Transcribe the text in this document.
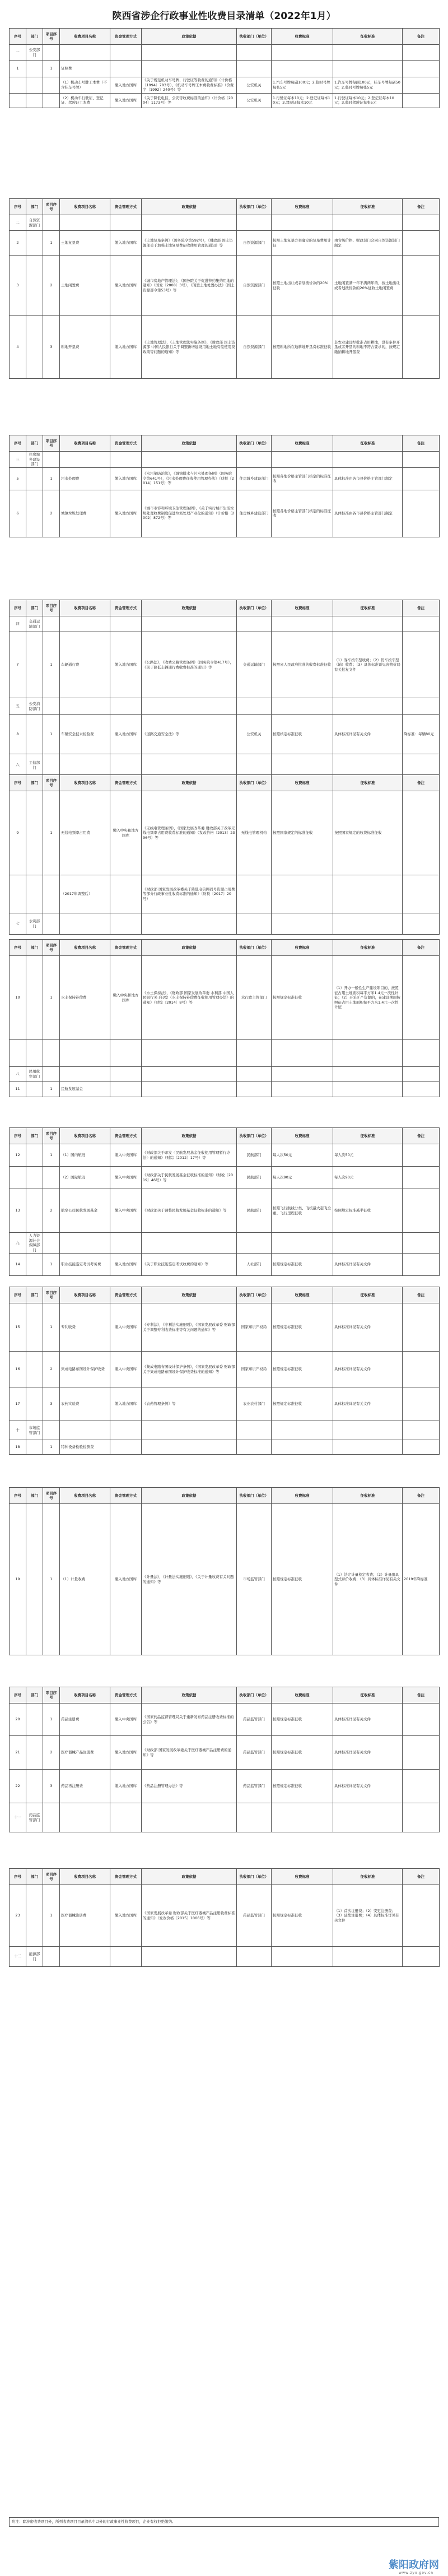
陕西省涉企行政事业性收费目录清单（2022年1月）
序号	部门	项目序号	收费项目名称	资金管理方式	政策依据	执收部门（单位）	收费标准	征收标准	备注
一	公安部门								
1		1	证照费						
			（1）机动车号牌工本费（不含挂车号牌）	缴入地方国库	《关于规范机动车号牌、行驶证等收费的通知》（计价格〔1994〕783号），《机动车号牌工本费收费标准》（价费字〔1992〕240号）等	公安机关	1.汽车号牌每副100元；2.临时号牌每张5元	1.汽车号牌每副100元，挂车号牌每副50元；2.临时号牌每张5元	
			（2）机动车行驶证、登记证、驾驶证工本费	缴入地方国库	《关于降低电信、公安等收费标准的通知》（计价格〔2004〕1173号）等	公安机关	1.行驶证每本10元；2.登记证每本10元；3.驾驶证每本10元	1.行驶证每本10元；2.登记证每本10元；3.临时驾驶证每张5元	
序号	部门	项目序号	收费项目名称	资金管理方式	政策依据	执收部门（单位）	收费标准	征收标准	备注
二	自然资源部门								
2		1	土地复垦费	缴入地方国库	《土地复垦条例》（国务院令第592号），《财政部 国土资源部关于加强土地复垦费征收使用管理的通知》等	自然资源部门	按照土地复垦方案确定的复垦费用计征	由省级价格、财政部门会同自然资源部门制定	
3		2	土地闲置费	缴入地方国库	《城市房地产管理法》，《国务院关于促进节约集约用地的通知》（国发〔2008〕3号），《闲置土地处置办法》（国土资源部令第53号）等	自然资源部门	按照土地出让或者划拨价款的20%征收	土地闲置满一年不满两年的，按土地出让或者划拨价款的20%征收土地闲置费	
4		3	耕地开垦费	缴入地方国库	《土地管理法》，《土地管理法实施条例》，《财政部 国土资源部 中国人民银行关于调整新增建设用地土地有偿使用费政策等问题的通知》等	自然资源部门	按照耕地所在地耕地开垦费标准征收	非农业建设经批准占用耕地，没有条件开垦或者开垦的耕地不符合要求的，按规定缴纳耕地开垦费	
序号	部门	项目序号	收费项目名称	资金管理方式	政策依据	执收部门（单位）	收费标准	征收标准	备注
三	住房城乡建设部门								
5		1	污水处理费	缴入地方国库	《水污染防治法》，《城镇排水与污水处理条例》（国务院令第641号），《污水处理费征收使用管理办法》（财税〔2014〕151号）等	住房城乡建设部门	按照各地价格主管部门核定的标准征收	具体标准由各市县价格主管部门制定	
6		2	城镇垃圾处理费	缴入地方国库	《城市市容和环境卫生管理条例》，《关于实行城市生活垃圾处理收费制度促进垃圾处理产业化的通知》（计价格〔2002〕872号）等	住房城乡建设部门	按照各地价格主管部门核定的标准征收	具体标准由各市县价格主管部门制定	
序号	部门	项目序号	收费项目名称	资金管理方式	政策依据	执收部门（单位）	收费标准	征收标准	备注
四	交通运输部门								
7		1	车辆通行费	缴入地方国库	《公路法》，《收费公路管理条例》（国务院令第417号），《关于降低车辆通行费收费标准的通知》等	交通运输部门	按照省人民政府批准的收费标准征收	（1）客车按车型收费；（2）货车按车型（轴）收费；（3）具体标准详见省物价局有关批复文件	
五	公安消防部门								
8		1	车辆安全技术检验费	缴入地方国库	《道路交通安全法》等	公安机关	按照核定标准征收	具体标准详见有关文件	降标准：每辆80元
六	工信部门								
序号	部门	项目序号	收费项目名称	资金管理方式	政策依据	执收部门（单位）	收费标准	征收标准	备注
9		1	无线电频率占用费	缴入中央和地方国库	《无线电管理条例》，《国家发展改革委 财政部关于改革无线电频率占用费收费标准的通知》（发改价格〔2013〕2396号）等	无线电管理机构	按照国家规定的标准征收	按照国家规定的收费标准征收	
			（2017年调整后）		《财政部 国家发展改革委关于降低电信网码号资源占用费等部分行政事业性收费标准的通知》（财税〔2017〕20号）				
七	水利部门								
序号	部门	项目序号	收费项目名称	资金管理方式	政策依据	执收部门（单位）	收费标准	征收标准	备注
10		1	水土保持补偿费	缴入中央和地方国库	《水土保持法》，《财政部 国家发展改革委 水利部 中国人民银行关于印发〈水土保持补偿费征收使用管理办法〉的通知》（财综〔2014〕8号）等	水行政主管部门	按照规定标准征收	（1）开办一般性生产建设项目的，按照征占用土地面积每平方米1.4元一次性计征；（2）开采矿产资源的，在建设期间按照征占用土地面积每平方米1.4元一次性计征	

八	民用航空部门								
11		1	民航发展基金						
序号	部门	项目序号	收费项目名称	资金管理方式	政策依据	执收部门（单位）	收费标准	征收标准	备注
12		1	（1）国内航班	缴入中央国库	《财政部关于印发〈民航发展基金征收使用管理暂行办法〉的通知》（财综〔2012〕17号）等	民航部门	每人次50元	每人次50元	
			（2）国际航班	缴入中央国库	《财政部关于民航发展基金征收标准的通知》（财税〔2019〕46号）等	民航部门	每人次90元	每人次90元	
13		2	航空公司民航发展基金	缴入中央国库	《财政部关于调整民航发展基金征收标准的通知》等	民航部门	按照飞行航线分类、飞机最大起飞全重、飞行里程征收	按照规定标准减半征收	
九	人力资源社会保障部门								
14		1	职业技能鉴定考试考务费	缴入地方国库	《关于职业技能鉴定考试收费的通知》等	人社部门	按照规定标准征收	具体标准详见有关文件	
序号	部门	项目序号	收费项目名称	资金管理方式	政策依据	执收部门（单位）	收费标准	征收标准	备注
15		1	专利收费	缴入中央国库	《专利法》，《专利法实施细则》，《国家发展改革委 财政部关于调整专利收费标准等有关问题的通知》等	国家知识产权局	按照规定标准征收	具体标准详见有关文件	
16		2	集成电路布图设计保护收费	缴入中央国库	《集成电路布图设计保护条例》，《国家发展改革委 财政部关于集成电路布图设计保护收费标准的通知》等	国家知识产权局	按照规定标准征收	具体标准详见有关文件	
17		3	农药实验费	缴入地方国库	《农药管理条例》等	农业农村部门	按照规定标准征收	具体标准详见有关文件	
十	市场监管部门								
18		1	特种设备检验检测费						
序号	部门	项目序号	收费项目名称	资金管理方式	政策依据	执收部门（单位）	收费标准	征收标准	备注
19		1	（1）计量收费	缴入地方国库	《计量法》，《计量法实施细则》，《关于计量收费有关问题的通知》等	市场监管部门	按照规定标准征收	（1）法定计量检定收费；（2）计量器具型式评价收费；（3）具体标准详见有关文件	2019年降标准
序号	部门	项目序号	收费项目名称	资金管理方式	政策依据	执收部门（单位）	收费标准	征收标准	备注
20		1	药品注册费	缴入中央国库	《国家药品监督管理局关于重新发布药品注册收费标准的公告》等	药品监管部门	按照规定标准征收	具体标准详见有关文件	
21		2	医疗器械产品注册费	缴入地方国库	《财政部 国家发展改革委关于医疗器械产品注册费的通知》等	药品监管部门	按照规定标准征收	具体标准详见有关文件	
22		3	药品再注册费	缴入地方国库	《药品注册管理办法》等	药品监管部门	按照规定标准征收	具体标准详见有关文件	
十一	药品监管部门								
序号	部门	项目序号	收费项目名称	资金管理方式	政策依据	执收部门（单位）	收费标准	征收标准	备注
23		1	医疗器械注册费	缴入地方国库	《国家发展改革委 财政部关于医疗器械产品注册收费标准的通知》（发改价格〔2015〕1006号）等	药品监管部门	按照规定标准征收	（1）首次注册费；（2）变更注册费；（3）延续注册费；（4）具体标准详见有关文件	
十二	能源部门								
附注：除涉密收费项目外，所列收费项目目录清单中以外的行政事业性收费项目，企业有权拒绝缴纳。
紫阳政府网
www.zyx.gov.cn
